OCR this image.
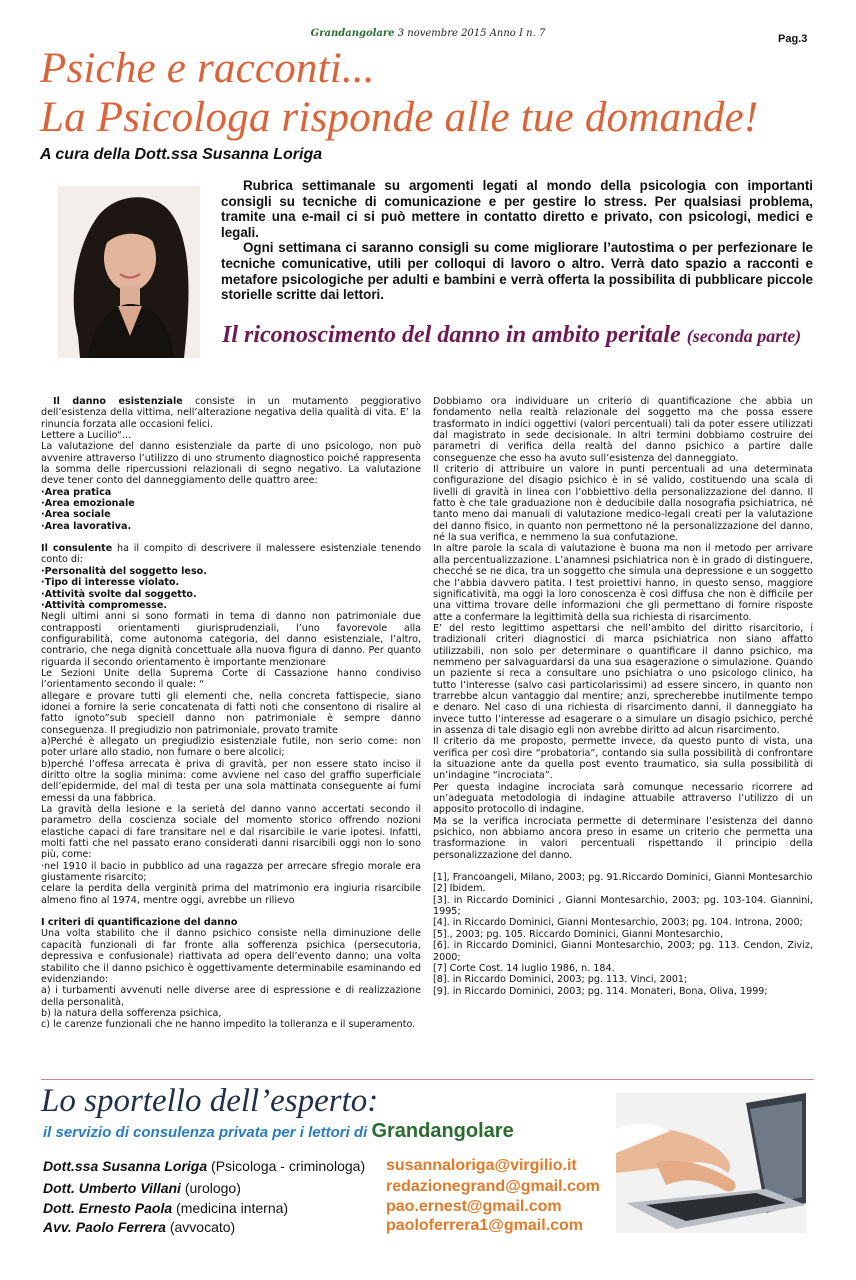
Grandangolare 3 novembre 2015 Anno I n. 7	Pag.3
Psiche e racconti...
La Psicologa risponde alle tue domande!
A cura della Dott.ssa Susanna Loriga

Rubrica settimanale su argomenti legati al mondo della psicologia con importanti consigli su tecniche di comunicazione e per gestire lo stress. Per qualsiasi problema, tramite una e-mail ci si può mettere in contatto diretto e privato, con psicologi, medici e legali.

Ogni settimana ci saranno consigli su come migliorare l’autostima o per perfezionare le tecniche comunicative, utili per colloqui di lavoro o altro. Verrà dato spazio a racconti e metafore psicologiche per adulti e bambini e verrà offerta la possibilita di pubblicare piccole storielle scritte dai lettori.

Il riconoscimento del danno in ambito peritale (seconda parte)

Il danno esistenziale consiste in un mutamento peggiorativo dell’esistenza della vittima, nell’alterazione negativa della qualità di vita. E’ la rinuncia forzata alle occasioni felici.

Lettere a Lucilio“…

La valutazione del danno esistenziale da parte di uno psicologo, non può avvenire attraverso l’utilizzo di uno strumento diagnostico poiché rappresenta la somma delle ripercussioni relazionali di segno negativo. La valutazione deve tener conto del danneggiamento delle quattro aree:

·Area pratica

·Area emozionale

·Area sociale

·Area lavorativa.

Il consulente ha il compito di descrivere il malessere esistenziale tenendo conto di:

·Personalità del soggetto leso.

·Tipo di interesse violato.

·Attività svolte dal soggetto.

·Attività compromesse.

Negli ultimi anni si sono formati in tema di danno non patrimoniale due contrapposti orientamenti giurisprudenziali, l’uno favorevole alla configurabilità, come autonoma categoria, del danno esistenziale, l’altro, contrario, che nega dignità concettuale alla nuova figura di danno. Per quanto riguarda il secondo orientamento è importante menzionare

Le Sezioni Unite della Suprema Corte di Cassazione hanno condiviso l’orientamento secondo il quale: “

allegare e provare tutti gli elementi che, nella concreta fattispecie, siano idonei a fornire la serie concatenata di fatti noti che consentono di risalire al fatto ignoto”sub specieII danno non patrimoniale è sempre danno conseguenza. Il pregiudizio non patrimoniale, provato tramite

a)Perché è allegato un pregiudizio esistenziale futile, non serio come: non poter urlare allo stadio, non fumare o bere alcolici;

b)perché l’offesa arrecata è priva di gravità, per non essere stato inciso il diritto oltre la soglia minima: come avviene nel caso del graffio superficiale dell’epidermide, del mal di testa per una sola mattinata conseguente ai fumi emessi da una fabbrica.

La gravità della lesione e la serietà del danno vanno accertati secondo il parametro della coscienza sociale del momento storico offrendo nozioni elastiche capaci di fare transitare nel e dal risarcibile le varie ipotesi. Infatti, molti fatti che nel passato erano considerati danni risarcibili oggi non lo sono più, come:

·nel 1910 il bacio in pubblico ad una ragazza per arrecare sfregio morale era giustamente risarcito;

celare la perdita della verginità prima del matrimonio era ingiuria risarcibile almeno fino al 1974, mentre oggi, avrebbe un rilievo

I criteri di quantificazione del danno

Una volta stabilito che il danno psichico consiste nella diminuzione delle capacità funzionali di far fronte alla sofferenza psichica (persecutoria, depressiva e confusionale) riattivata ad opera dell’evento danno; una volta stabilito che il danno psichico è oggettivamente determinabile esaminando ed evidenziando:

a) i turbamenti avvenuti nelle diverse aree di espressione e di realizzazione della personalità,

b) la natura della sofferenza psichica,

c) le carenze funzionali che ne hanno impedito la tolleranza e il superamento.

Dobbiamo ora individuare un criterio di quantificazione che abbia un fondamento nella realtà relazionale del soggetto ma che possa essere trasformato in indici oggettivi (valori percentuali) tali da poter essere utilizzati dal magistrato in sede decisionale. In altri termini dobbiamo costruire dei parametri di verifica della realtà del danno psichico a partire dalle conseguenze che esso ha avuto sull’esistenza del danneggiato.

Il criterio di attribuire un valore in punti percentuali ad una determinata configurazione del disagio psichico è in sé valido, costituendo una scala di livelli di gravità in linea con l’obbiettivo della personalizzazione del danno. Il fatto è che tale graduazione non è deducibile dalla nosografia psichiatrica, né tanto meno dai manuali di valutazione medico-legali creati per la valutazione del danno fisico, in quanto non permettono né la personalizzazione del danno, né la sua verifica, e nemmeno la sua confutazione.

In altre parole la scala di valutazione è buona ma non il metodo per arrivare alla percentualizzazione. L’anamnesi psichiatrica non è in grado di distinguere, checché se ne dica, tra un soggetto che simula una depressione e un soggetto che l’abbia davvero patita. I test proiettivi hanno, in questo senso, maggiore significatività, ma oggi la loro conoscenza è così diffusa che non è difficile per una vittima trovare delle informazioni che gli permettano di fornire risposte atte a confermare la legittimità della sua richiesta di risarcimento.

E’ del resto legittimo aspettarsi che nell’ambito del diritto risarcitorio, i tradizionali criteri diagnostici di marca psichiatrica non siano affatto utilizzabili, non solo per determinare o quantificare il danno psichico, ma nemmeno per salvaguardarsi da una sua esagerazione o simulazione. Quando un paziente si reca a consultare uno psichiatra o uno psicologo clinico, ha tutto l’interesse (salvo casi particolarissimi) ad essere sincero, in quanto non trarrebbe alcun vantaggio dal mentire; anzi, sprecherebbe inutilmente tempo e denaro. Nel caso di una richiesta di risarcimento danni, il danneggiato ha invece tutto l’interesse ad esagerare o a simulare un disagio psichico, perché in assenza di tale disagio egli non avrebbe diritto ad alcun risarcimento.

Il criterio da me proposto, permette invece, da questo punto di vista, una verifica per così dire “probatoria”, contando sia sulla possibilità di confrontare la situazione ante da quella post evento traumatico, sia sulla possibilità di un’indagine “incrociata”.

Per questa indagine incrociata sarà comunque necessario ricorrere ad un’adeguata metodologia di indagine attuabile attraverso l’utilizzo di un apposito protocollo di indagine.

Ma se la verifica incrociata permette di determinare l’esistenza del danno psichico, non abbiamo ancora preso in esame un criterio che permetta una trasformazione in valori percentuali rispettando il principio della personalizzazione del danno.

[1], Francoangeli, Milano, 2003; pg. 91.Riccardo Dominici, Gianni Montesarchio

[2] Ibidem.

[3]. in Riccardo Dominici , Gianni Montesarchio, 2003; pg. 103-104. Giannini, 1995;

[4]. in Riccardo Dominici, Gianni Montesarchio, 2003; pg. 104. Introna, 2000;

[5]., 2003; pg. 105. Riccardo Dominici, Gianni Montesarchio,

[6]. in Riccardo Dominici, Gianni Montesarchio, 2003; pg. 113. Cendon, Ziviz, 2000;

[7] Corte Cost. 14 luglio 1986, n. 184.

[8]. in Riccardo Dominici, 2003; pg. 113. Vinci, 2001;

[9]. in Riccardo Dominici, 2003; pg. 114. Monateri, Bona, Oliva, 1999;

Lo sportello dell’esperto:
il servizio di consulenza privata per i lettori di Grandangolare
Dott.ssa Susanna Loriga (Psicologa - criminologa)
Dott. Umberto Villani (urologo)
Dott. Ernesto Paola (medicina interna)
Avv. Paolo Ferrera (avvocato)
susannaloriga@virgilio.it
redazionegrand@gmail.com
pao.ernest@gmail.com
paoloferrera1@gmail.com
